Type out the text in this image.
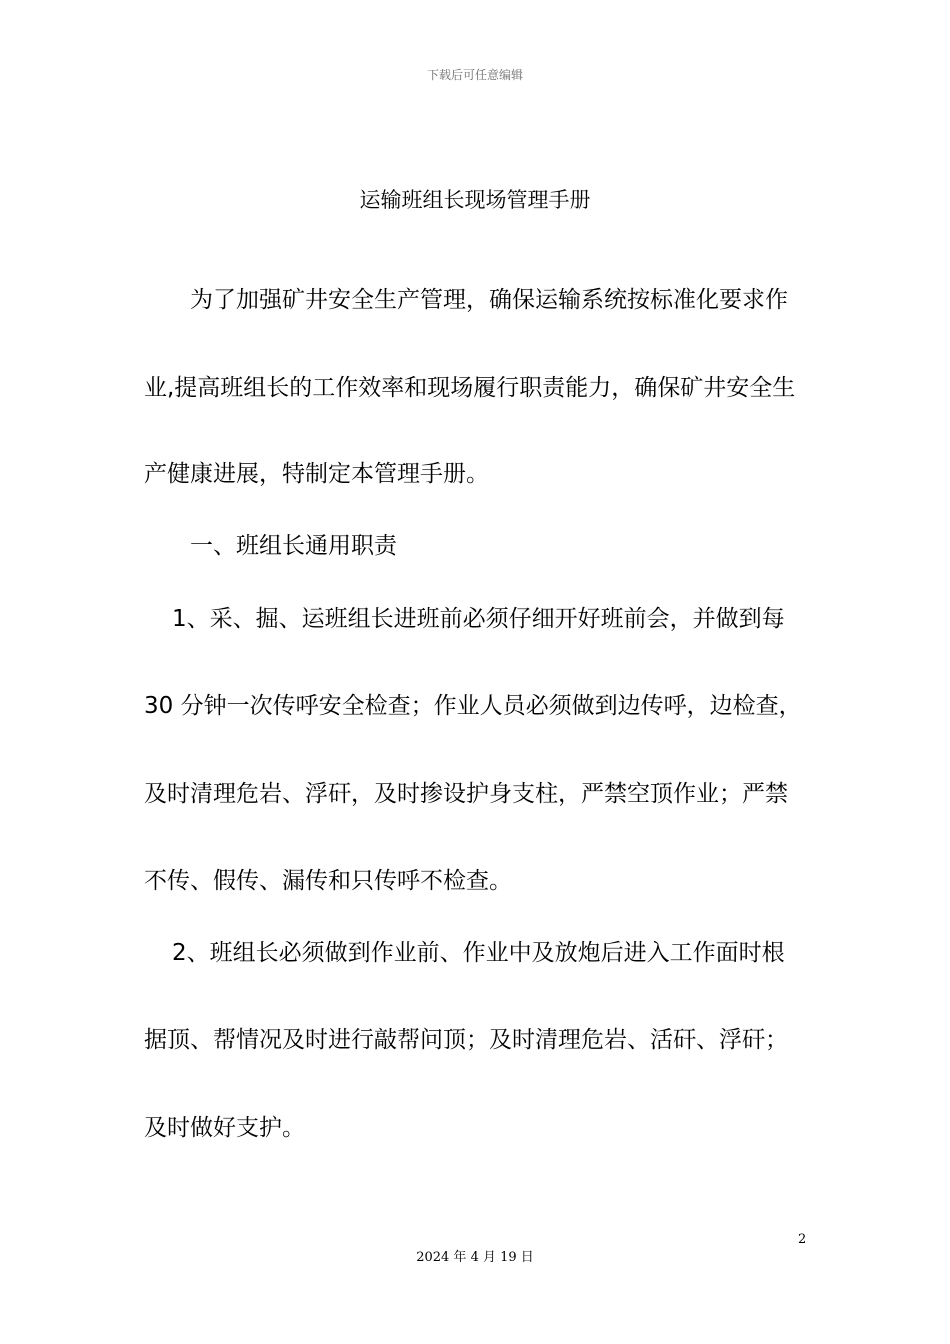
下载后可任意编辑
运输班组长现场管理手册
为了加强矿井安全生产管理，确保运输系统按标准化要求作
业,提高班组长的工作效率和现场履行职责能力，确保矿井安全生
产健康进展，特制定本管理手册。
一、班组长通用职责
1、采、掘、运班组长进班前必须仔细开好班前会，并做到每
30 分钟一次传呼安全检查；作业人员必须做到边传呼，边检查，
及时清理危岩、浮矸，及时掺设护身支柱，严禁空顶作业；严禁
不传、假传、漏传和只传呼不检查。
2、班组长必须做到作业前、作业中及放炮后进入工作面时根
据顶、帮情况及时进行敲帮问顶；及时清理危岩、活矸、浮矸；
及时做好支护。
2
2024 年 4 月 19 日
